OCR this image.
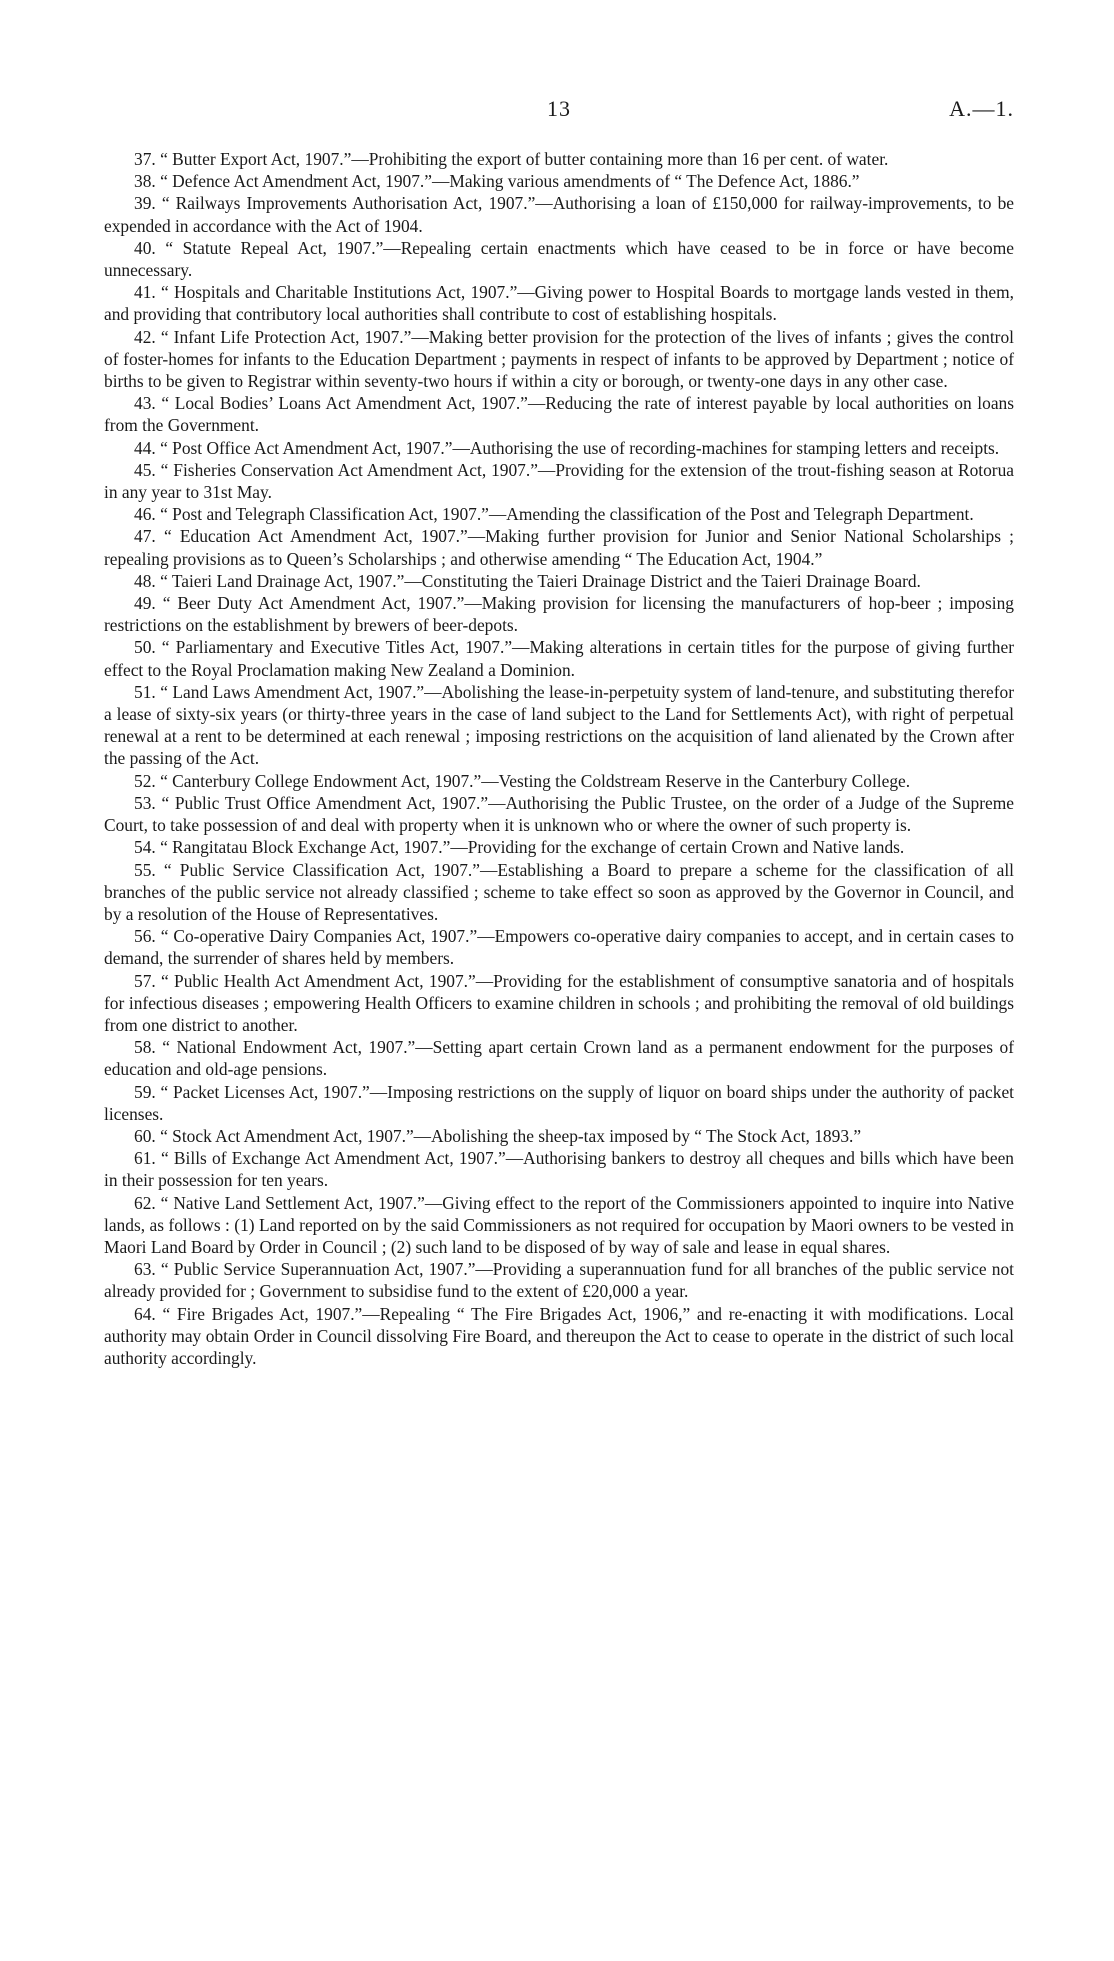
13	A.—1.

37. “ Butter Export Act, 1907.”—Prohibiting the export of butter containing more than 16 per cent. of water.

38. “ Defence Act Amendment Act, 1907.”—Making various amendments of “ The Defence Act, 1886.”

39. “ Railways Improvements Authorisation Act, 1907.”—Authorising a loan of £150,000 for railway-improvements, to be expended in accordance with the Act of 1904.

40. “ Statute Repeal Act, 1907.”—Repealing certain enactments which have ceased to be in force or have become unnecessary.

41. “ Hospitals and Charitable Institutions Act, 1907.”—Giving power to Hospital Boards to mortgage lands vested in them, and providing that contributory local authorities shall contribute to cost of establishing hospitals.

42. “ Infant Life Protection Act, 1907.”—Making better provision for the protection of the lives of infants ; gives the control of foster-homes for infants to the Education Department ; payments in respect of infants to be approved by Department ; notice of births to be given to Registrar within seventy-two hours if within a city or borough, or twenty-one days in any other case.

43. “ Local Bodies’ Loans Act Amendment Act, 1907.”—Reducing the rate of interest payable by local authorities on loans from the Government.

44. “ Post Office Act Amendment Act, 1907.”—Authorising the use of recording-machines for stamping letters and receipts.

45. “ Fisheries Conservation Act Amendment Act, 1907.”—Providing for the extension of the trout-fishing season at Rotorua in any year to 31st May.

46. “ Post and Telegraph Classification Act, 1907.”—Amending the classification of the Post and Telegraph Department.

47. “ Education Act Amendment Act, 1907.”—Making further provision for Junior and Senior National Scholarships ; repealing provisions as to Queen’s Scholarships ; and otherwise amending “ The Education Act, 1904.”

48. “ Taieri Land Drainage Act, 1907.”—Constituting the Taieri Drainage District and the Taieri Drainage Board.

49. “ Beer Duty Act Amendment Act, 1907.”—Making provision for licensing the manufacturers of hop-beer ; imposing restrictions on the establishment by brewers of beer-depots.

50. “ Parliamentary and Executive Titles Act, 1907.”—Making alterations in certain titles for the purpose of giving further effect to the Royal Proclamation making New Zealand a Dominion.

51. “ Land Laws Amendment Act, 1907.”—Abolishing the lease-in-perpetuity system of land-tenure, and substituting therefor a lease of sixty-six years (or thirty-three years in the case of land subject to the Land for Settlements Act), with right of perpetual renewal at a rent to be determined at each renewal ; imposing restrictions on the acquisition of land alienated by the Crown after the passing of the Act.

52. “ Canterbury College Endowment Act, 1907.”—Vesting the Coldstream Reserve in the Canterbury College.

53. “ Public Trust Office Amendment Act, 1907.”—Authorising the Public Trustee, on the order of a Judge of the Supreme Court, to take possession of and deal with property when it is unknown who or where the owner of such property is.

54. “ Rangitatau Block Exchange Act, 1907.”—Providing for the exchange of certain Crown and Native lands.

55. “ Public Service Classification Act, 1907.”—Establishing a Board to prepare a scheme for the classification of all branches of the public service not already classified ; scheme to take effect so soon as approved by the Governor in Council, and by a resolution of the House of Representatives.

56. “ Co-operative Dairy Companies Act, 1907.”—Empowers co-operative dairy companies to accept, and in certain cases to demand, the surrender of shares held by members.

57. “ Public Health Act Amendment Act, 1907.”—Providing for the establishment of consumptive sanatoria and of hospitals for infectious diseases ; empowering Health Officers to examine children in schools ; and prohibiting the removal of old buildings from one district to another.

58. “ National Endowment Act, 1907.”—Setting apart certain Crown land as a permanent endowment for the purposes of education and old-age pensions.

59. “ Packet Licenses Act, 1907.”—Imposing restrictions on the supply of liquor on board ships under the authority of packet licenses.

60. “ Stock Act Amendment Act, 1907.”—Abolishing the sheep-tax imposed by “ The Stock Act, 1893.”

61. “ Bills of Exchange Act Amendment Act, 1907.”—Authorising bankers to destroy all cheques and bills which have been in their possession for ten years.

62. “ Native Land Settlement Act, 1907.”—Giving effect to the report of the Commissioners appointed to inquire into Native lands, as follows : (1) Land reported on by the said Commissioners as not required for occupation by Maori owners to be vested in Maori Land Board by Order in Council ; (2) such land to be disposed of by way of sale and lease in equal shares.

63. “ Public Service Superannuation Act, 1907.”—Providing a superannuation fund for all branches of the public service not already provided for ; Government to subsidise fund to the extent of £20,000 a year.

64. “ Fire Brigades Act, 1907.”—Repealing “ The Fire Brigades Act, 1906,” and re-enacting it with modifications. Local authority may obtain Order in Council dissolving Fire Board, and thereupon the Act to cease to operate in the district of such local authority accordingly.
